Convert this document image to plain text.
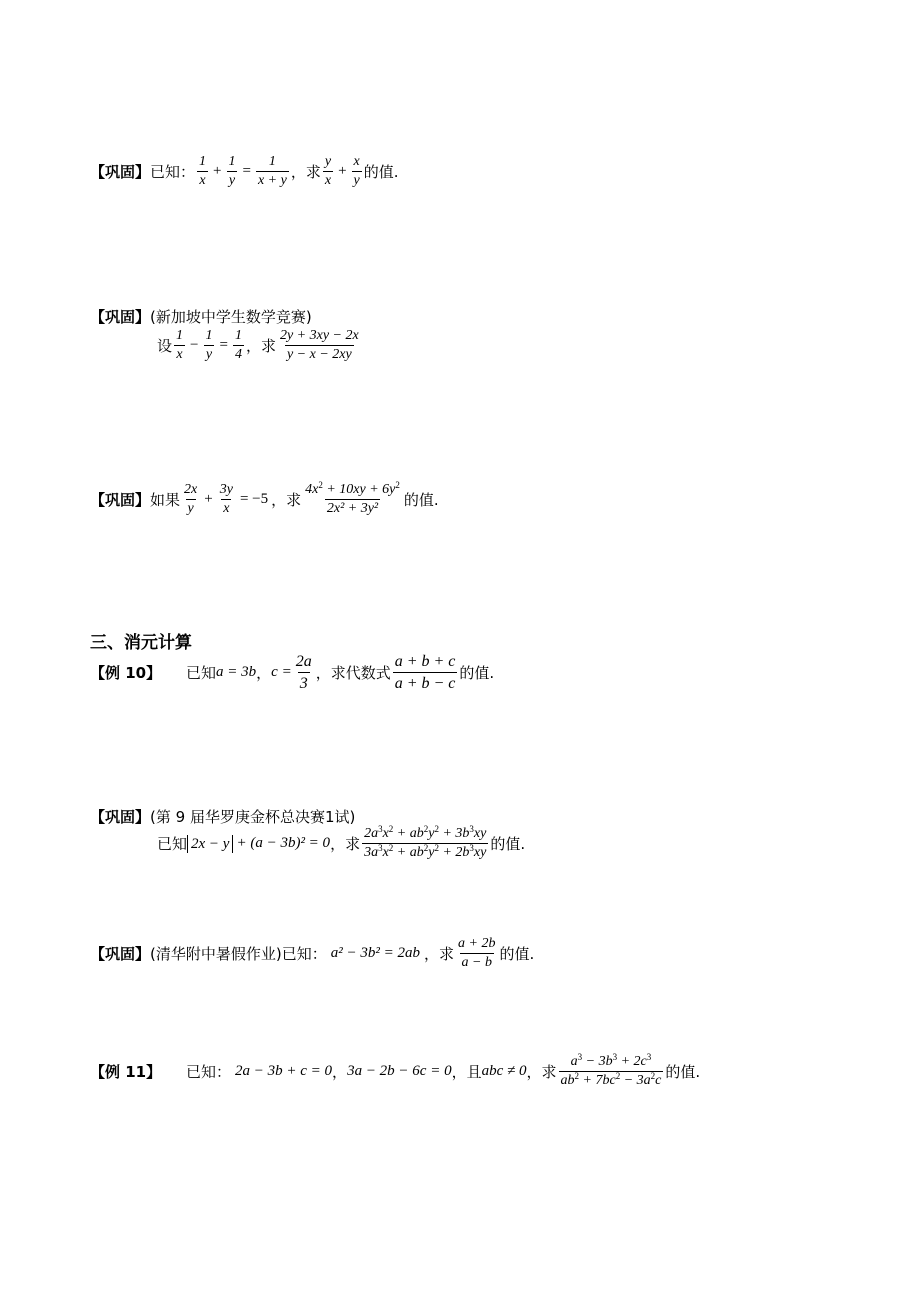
【巩固】 已知： $\frac{1}{x} + \frac{1}{y} = \frac{1}{x + y}$ ，求 $\frac{y}{x} + \frac{x}{y}$ 的值.
【巩固】 (新加坡中学生数学竞赛)
设 $\frac{1}{x} - \frac{1}{y} = \frac{1}{4}$ ，求 $\frac{2y + 3xy - 2x}{y - x - 2xy}$
【巩固】 如果 $\frac{2x}{y} + \frac{3y}{x} = -5$ ，求 $\frac{4x^2 + 10xy + 6y^2}{\text{2x² + 3y²}}$ 的值.
三、消元计算
【例 10】	已知 a = 3b ， $c = \frac{2a}{3}$ ，求代数式 $\frac{a + b + c}{a + b - c}$ 的值.
【巩固】 (第 9 届华罗庚金杯总决赛1试)
已知 2x − y + (a − 3b)² = 0 ，求 $\frac{2a^3x^2 + ab^2y^2 + 3b^3xy}{3a^3x^2 + ab^2y^2 + 2b^3xy}$ 的值.
【巩固】 (清华附中暑假作业) 已知： a² − 3b² = 2ab ，求 $\frac{a + 2b}{a - b}$ 的值.
【例 11】	已知： 2a − 3b + c = 0 ， 3a − 2b − 6c = 0 ，且 abc ≠ 0 ，求 $\frac{a^3 - 3b^3 + 2c^3}{ab^2 + 7bc^2 - 3a^2c}$ 的值.
